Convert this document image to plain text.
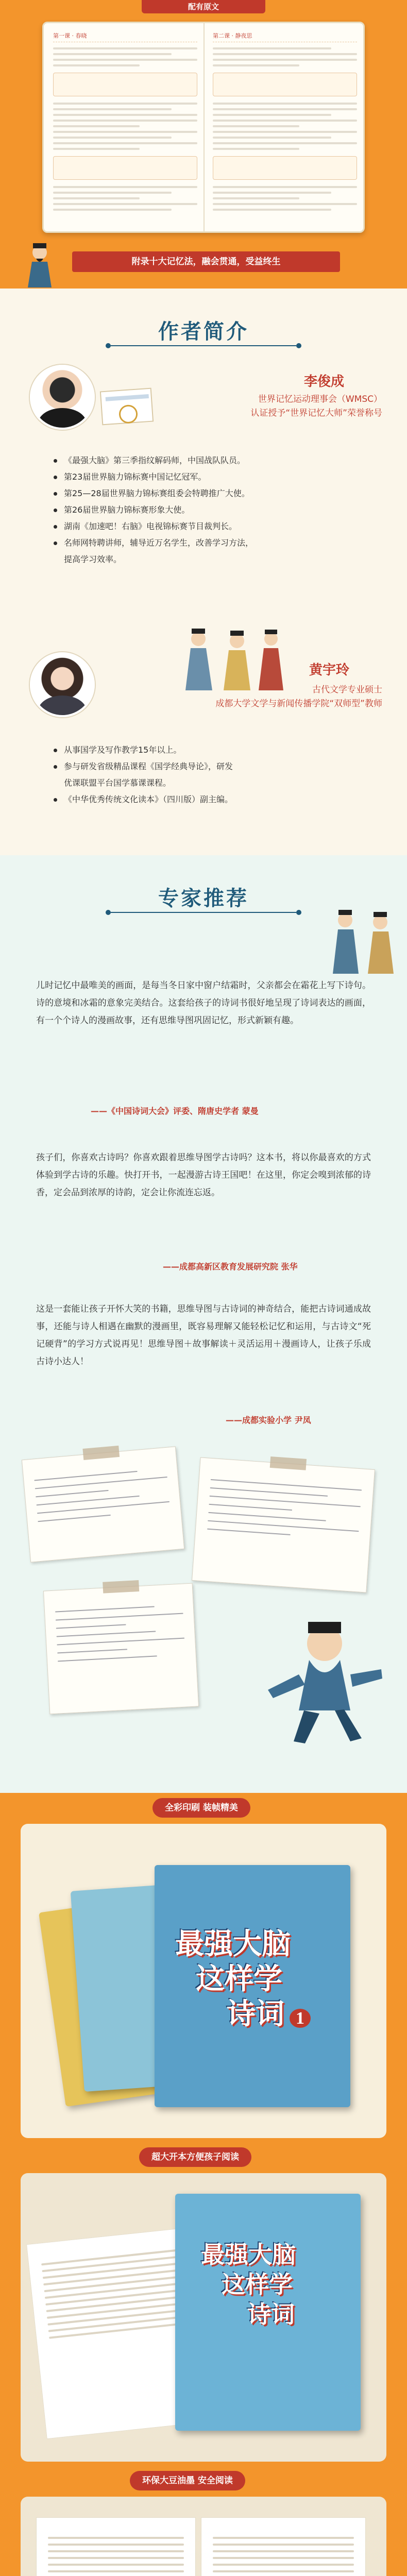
配有原文
第一课 · 春晓	第二课 · 静夜思
附录十大记忆法，融会贯通，受益终生
作者简介
李俊成
世界记忆运动理事会（WMSC）
认证授予“世界记忆大师”荣誉称号
《最强大脑》第三季指纹解码师，中国战队队员。
第23届世界脑力锦标赛中国记忆冠军。
第25—28届世界脑力锦标赛组委会特聘推广大使。
第26届世界脑力锦标赛形象大使。
湖南《加速吧！右脑》电视锦标赛节目裁判长。
名师网特聘讲师，辅导近万名学生，改善学习方法，
提高学习效率。
黄宇玲
古代文学专业硕士
成都大学文学与新闻传播学院“双师型”教师
从事国学及写作教学15年以上。
参与研发省级精品课程《国学经典导论》，研发
优课联盟平台国学慕课课程。
《中华优秀传统文化读本》（四川版）副主编。
专家推荐
儿时记忆中最唯美的画面，是每当冬日家中窗户结霜时，父亲都会在霜花上写下诗句。诗的意境和冰霜的意象完美结合。这套给孩子的诗词书很好地呈现了诗词表达的画面，有一个个诗人的漫画故事，还有思维导图巩固记忆，形式新颖有趣。
——《中国诗词大会》评委、隋唐史学者 蒙曼
孩子们，你喜欢古诗吗？你喜欢跟着思维导图学古诗吗？这本书，将以你最喜欢的方式体验到学古诗的乐趣。快打开书，一起漫游古诗王国吧！在这里，你定会嗅到浓郁的诗香，定会品到浓厚的诗韵，定会让你流连忘返。
——成都高新区教育发展研究院 张华
这是一套能让孩子开怀大笑的书籍，思维导图与古诗词的神奇结合，能把古诗词通成故事，还能与诗人相遇在幽默的漫画里，既容易理解又能轻松记忆和运用，与古诗文“死记硬背”的学习方式说再见！思维导图＋故事解读＋灵活运用＋漫画诗人，让孩子乐成古诗小达人！
——成都实验小学 尹凤
全彩印刷 装帧精美
最强大脑
这样学
诗词 1
超大开本方便孩子阅读
最强大脑
这样学
诗词
环保大豆油墨 安全阅读
